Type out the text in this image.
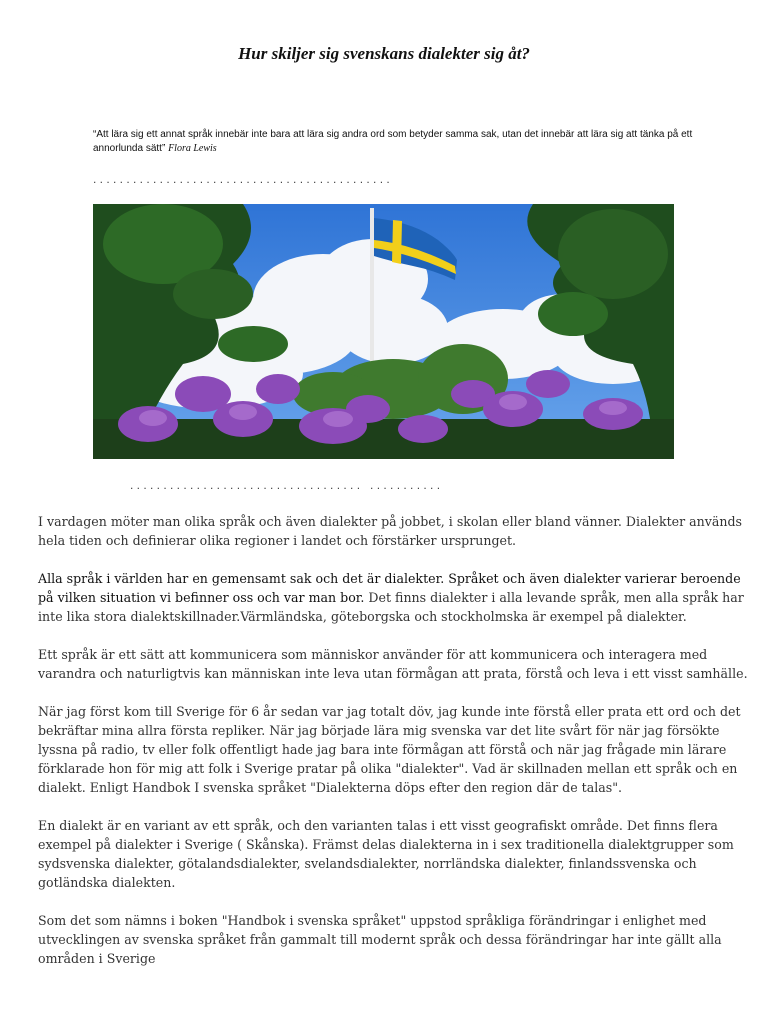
Hur skiljer sig svenskans dialekter sig åt?
“Att lära sig ett annat språk innebär inte bara att lära sig andra ord som betyder samma sak, utan det innebär att lära sig att tänka på ett annorlunda sätt” Flora Lewis
. . . . . . . . . . . . . . . . . . . . . . . . . . . . . . . . . . . . . . . . . . . . .
. . . . . . . . . . . . . . . . . . . . . . . . . . . . . . . . . . .   . . . . . . . . . . .

I vardagen möter man olika språk och även dialekter på jobbet, i skolan eller bland vänner. Dialekter används hela tiden och definierar olika regioner i landet och förstärker ursprunget.

Alla språk i världen har en gemensamt sak och det är dialekter. Språket och även dialekter varierar beroende på vilken situation vi befinner oss och var man bor. Det finns dialekter i alla levande språk, men alla språk har inte lika stora dialektskillnader.Värmländska, göteborgska och stockholmska är exempel på dialekter.

Ett språk är ett sätt att kommunicera som människor använder för att kommunicera och interagera med varandra och naturligtvis kan människan inte leva utan förmågan att prata, förstå och leva i ett visst samhälle.

När jag först kom till Sverige för 6 år sedan var jag totalt döv, jag kunde inte förstå eller prata ett ord och det bekräftar mina allra första repliker. När jag började lära mig svenska var det lite svårt för när jag försökte lyssna på radio, tv eller folk offentligt hade jag bara inte förmågan att förstå och när jag frågade min lärare förklarade hon för mig att folk i Sverige pratar på olika "dialekter". Vad är skillnaden mellan ett språk och en dialekt. Enligt Handbok I svenska språket "Dialekterna döps efter den region där de talas".

En dialekt är en variant av ett språk, och den varianten talas i ett visst geografiskt område. Det finns flera exempel på dialekter i Sverige ( Skånska). Främst delas dialekterna in i sex traditionella dialektgrupper som sydsvenska dialekter, götalandsdialekter, svelandsdialekter, norrländska dialekter, finlandssvenska och gotländska dialekten.

Som det som nämns i boken "Handbok i svenska språket" uppstod språkliga förändringar i enlighet med utvecklingen av svenska språket från gammalt till modernt språk och dessa förändringar har inte gällt alla områden i Sverige
